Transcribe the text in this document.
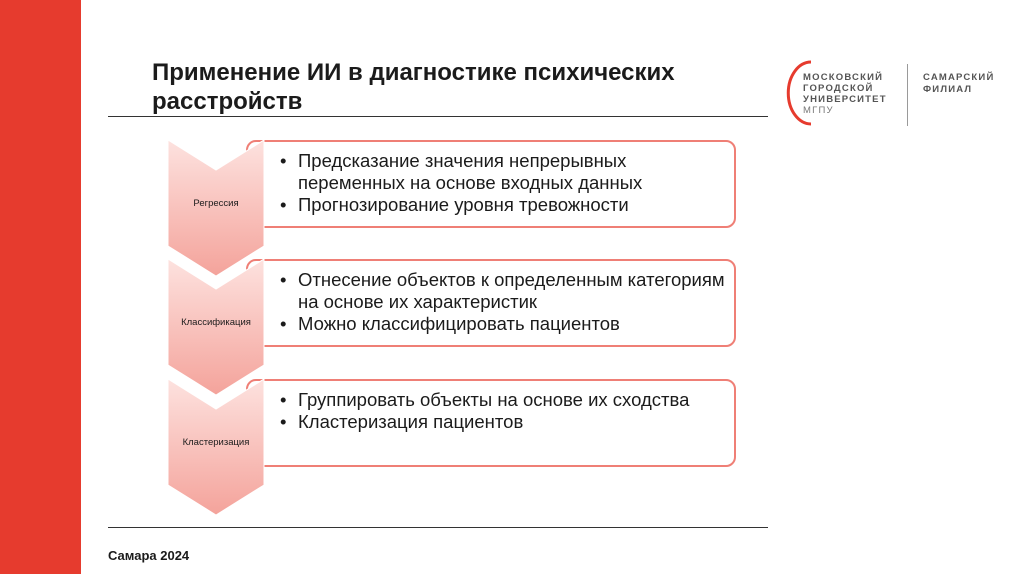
Применение ИИ в диагностике психических расстройств
МОСКОВСКИЙ
ГОРОДСКОЙ
УНИВЕРСИТЕТ
МГПУ
САМАРСКИЙ
ФИЛИАЛ
• Предсказание значения непрерывных переменных на основе входных данных
• Прогнозирование уровня тревожности
Регрессия
• Отнесение объектов к определенным категориям на основе их характеристик
• Можно классифицировать пациентов
Классификация
• Группировать объекты на основе их сходства
• Кластеризация пациентов
Кластеризация
Самара 2024
